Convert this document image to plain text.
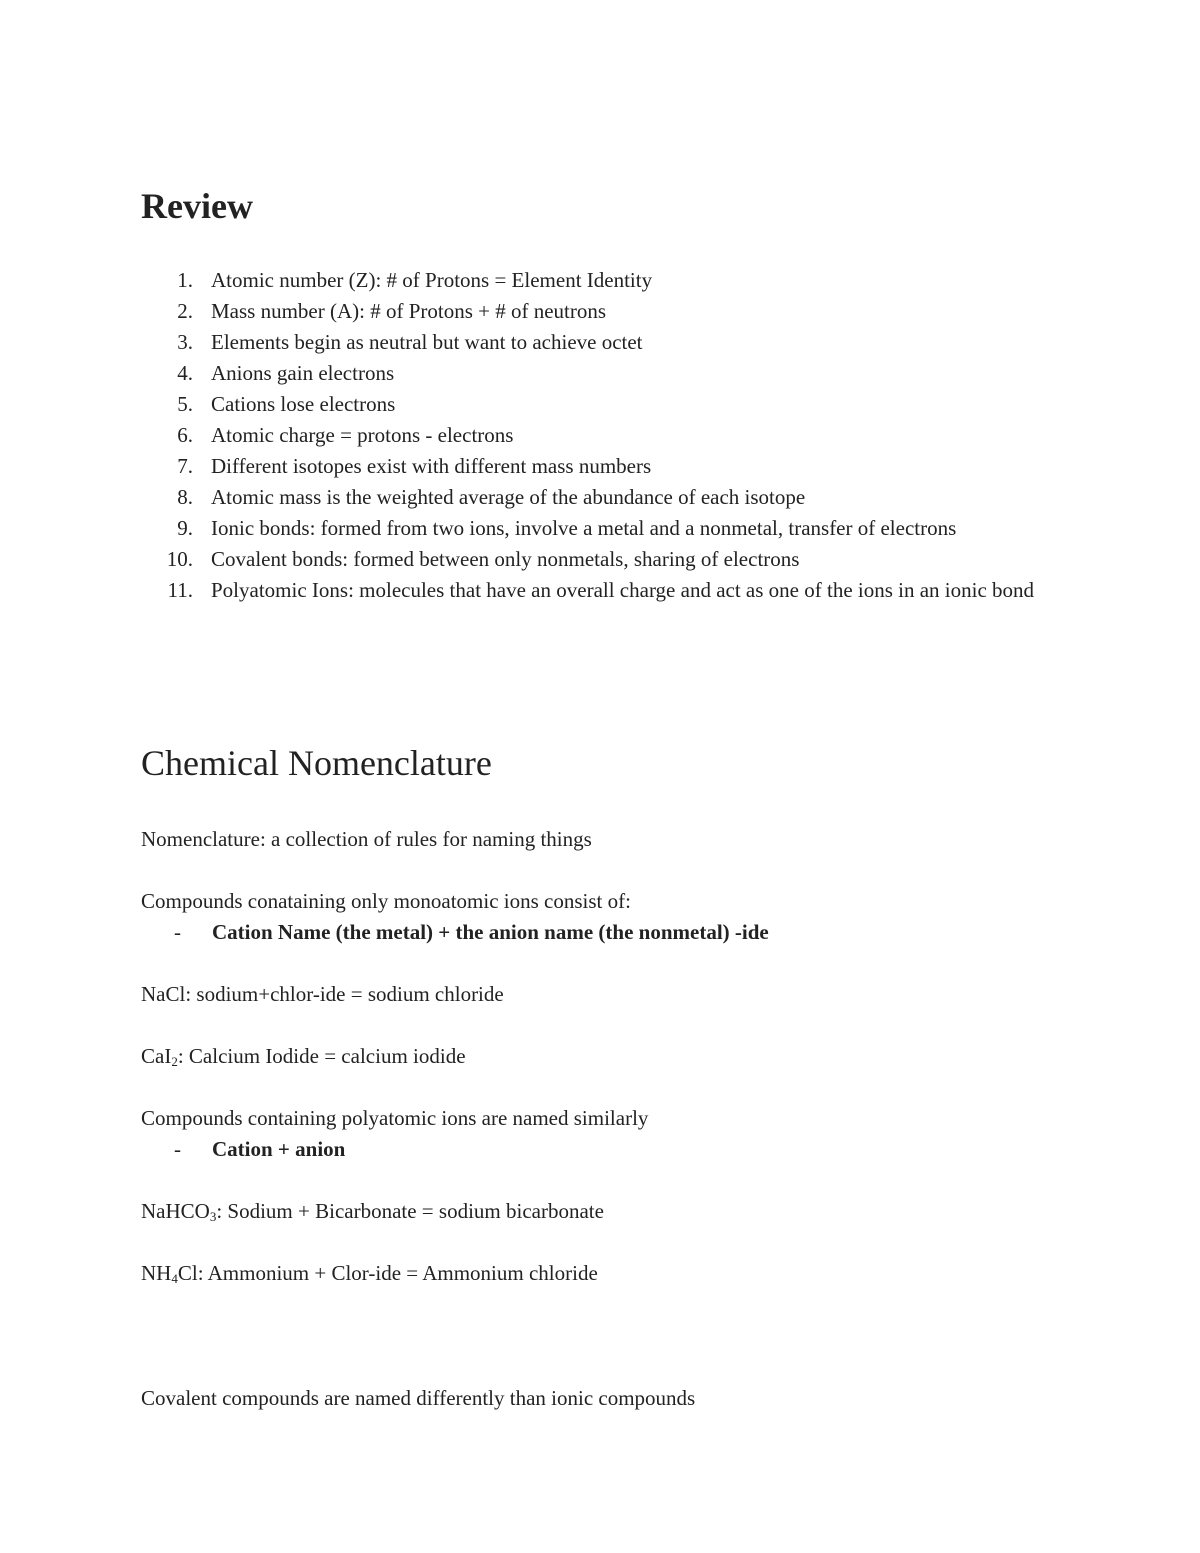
Review
1. Atomic number (Z): # of Protons = Element Identity
2. Mass number (A): # of Protons + # of neutrons
3. Elements begin as neutral but want to achieve octet
4. Anions gain electrons
5. Cations lose electrons
6. Atomic charge = protons - electrons
7. Different isotopes exist with different mass numbers
8. Atomic mass is the weighted average of the abundance of each isotope
9. Ionic bonds: formed from two ions, involve a metal and a nonmetal, transfer of electrons
10. Covalent bonds: formed between only nonmetals, sharing of electrons
11. Polyatomic Ions: molecules that have an overall charge and act as one of the ions in an ionic bond
Chemical Nomenclature
Nomenclature: a collection of rules for naming things
Compounds conataining only monoatomic ions consist of:
- Cation Name (the metal) + the anion name (the nonmetal) -ide
NaCl: sodium+chlor-ide = sodium chloride
CaI$_2$: Calcium Iodide = calcium iodide
Compounds containing polyatomic ions are named similarly
- Cation + anion
NaHCO$_3$: Sodium + Bicarbonate = sodium bicarbonate
$NH_4Cl$: Ammonium + Clor-ide = Ammonium chloride
Covalent compounds are named differently than ionic compounds
